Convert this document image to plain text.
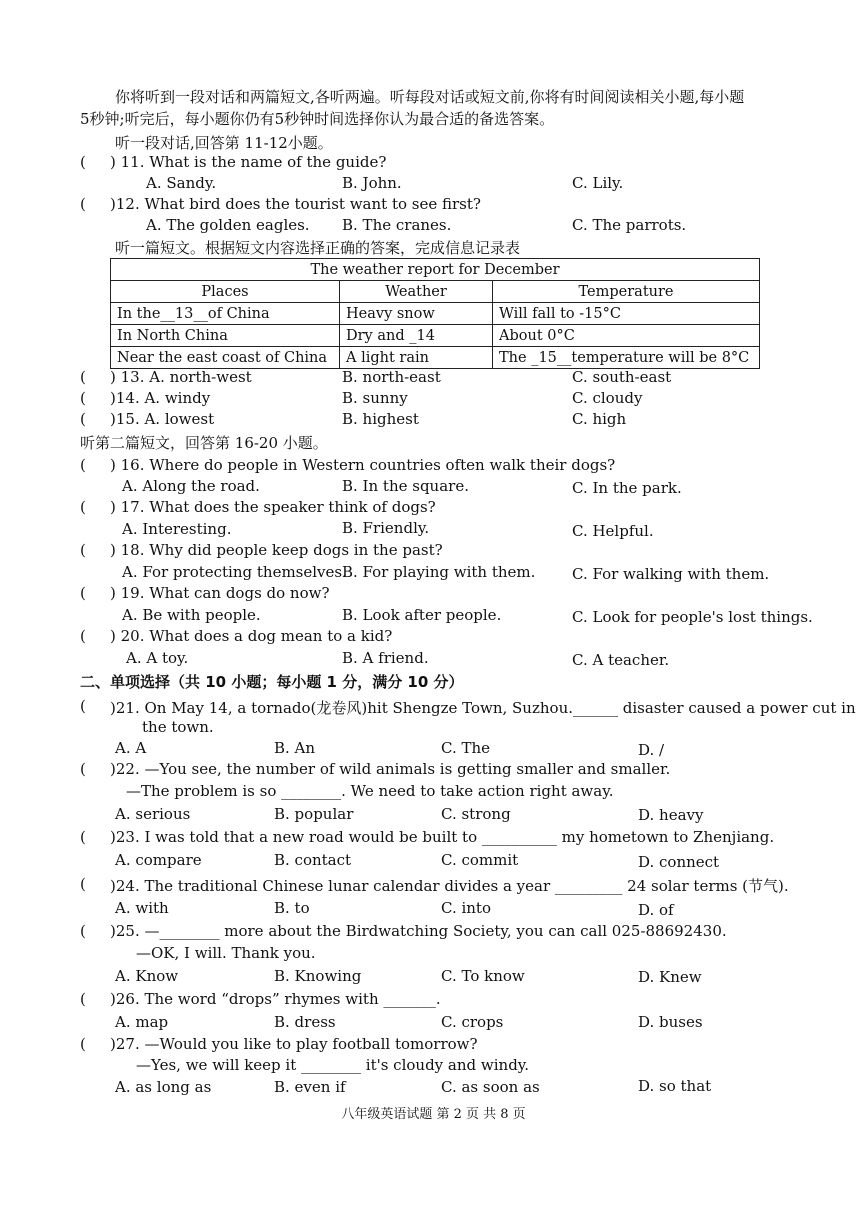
你将听到一段对话和两篇短文,各听两遍。听每段对话或短文前,你将有时间阅读相关小题,每小题
5秒钟;听完后，每小题你仍有5秒钟时间选择你认为最合适的备选答案。
听一段对话,回答第 11-12小题。
( ) 11. What is the name of the guide?
A. Sandy.	B. John.	C. Lily.
( )12. What bird does the tourist want to see first?
A. The golden eagles. B. The cranes.	C. The parrots.
听一篇短文。根据短文内容选择正确的答案，完成信息记录表
The weather report for December		
Places	Weather	Temperature
In the__13__of China	Heavy snow	Will fall to -15°C
In North China	Dry and _14	About 0°C
Near the east coast of China	A light rain	The _15__temperature will be 8°C
( ) 13. A. north-west	B. north-east	C. south-east
( )14. A. windy	B. sunny	C. cloudy
( )15. A. lowest	B. highest	C. high
听第二篇短文，回答第 16-20 小题。
( ) 16. Where do people in Western countries often walk their dogs?
A. Along the road.	B. In the square.	C. In the park.
( ) 17. What does the speaker think of dogs?
A. Interesting.	B. Friendly.	C. Helpful.
( ) 18. Why did people keep dogs in the past?
A. For protecting themselves.
B. For playing with them. C. For walking with them.
( ) 19. What can dogs do now?
A. Be with people.	B. Look after people.	C. Look for people's lost things.
( ) 20. What does a dog mean to a kid?
A. A toy.	B. A friend.	C. A teacher.
二、单项选择（共 10 小题；每小题 1 分，满分 10 分）
( )21. On May 14, a tornado(龙卷风)hit Shengze Town, Suzhou.______ disaster caused a power cut in
the town.
A. A	B. An	C. The	D. /
( )22. —You see, the number of wild animals is getting smaller and smaller.
—The problem is so ________. We need to take action right away.
A. serious	B. popular	C. strong	D. heavy
( )23. I was told that a new road would be built to __________ my hometown to Zhenjiang.
A. compare	B. contact	C. commit	D. connect
( )24. The traditional Chinese lunar calendar divides a year _________ 24 solar terms (节气).
A. with	B. to	C. into	D. of
( )25. —________ more about the Birdwatching Society, you can call 025-88692430.
—OK, I will. Thank you.
A. Know	B. Knowing	C. To know	D. Knew
( )26. The word “drops” rhymes with _______.
A. map	B. dress	C. crops	D. buses
( )27. —Would you like to play football tomorrow?
—Yes, we will keep it ________ it's cloudy and windy.
A. as long as	B. even if	C. as soon as	D. so that
八年级英语试题 第 2 页 共 8 页
